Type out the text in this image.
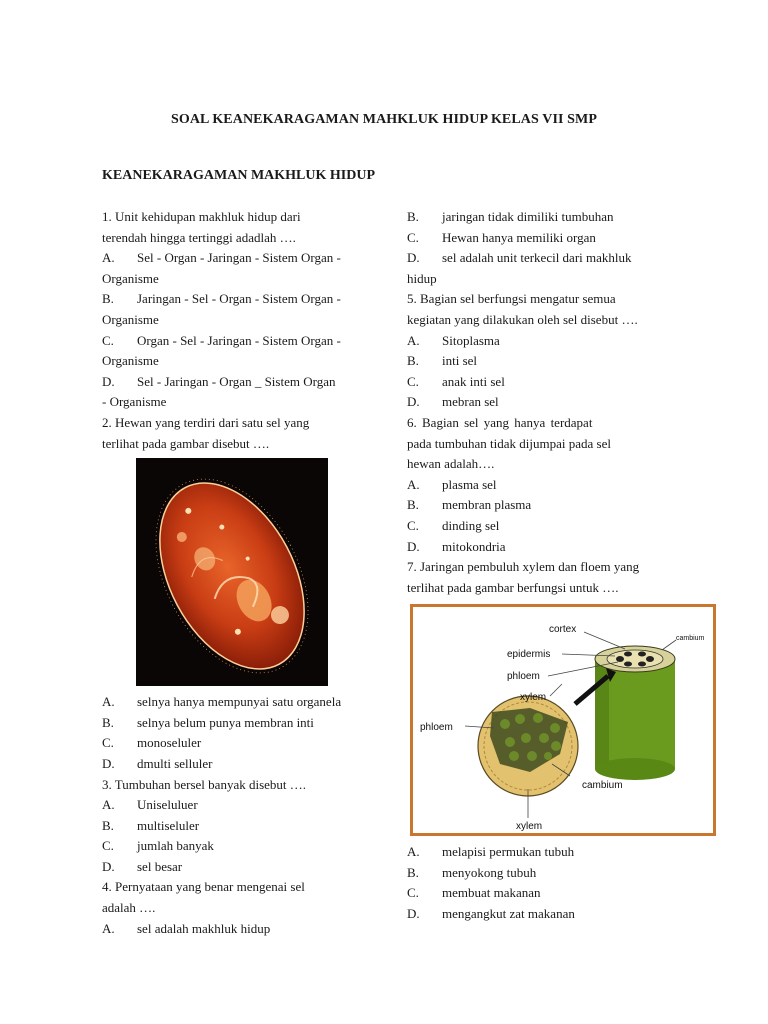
SOAL KEANEKARAGAMAN MAHKLUK HIDUP KELAS VII SMP
KEANEKARAGAMAN MAKHLUK HIDUP
1. Unit kehidupan makhluk hidup dari
terendah hingga tertinggi adadlah ….
A. Sel - Organ - Jaringan - Sistem Organ -
Organisme
B. Jaringan - Sel - Organ - Sistem Organ -
Organisme
C. Organ - Sel - Jaringan - Sistem Organ -
Organisme
D. Sel - Jaringan - Organ _ Sistem Organ
- Organisme
2. Hewan yang terdiri dari satu sel yang
terlihat pada gambar disebut ….
A. selnya hanya mempunyai satu organela
B. selnya belum punya membran inti
C. monoseluler
D. dmulti selluler
3. Tumbuhan bersel banyak disebut ….
A. Uniseluluer
B. multiseluler
C. jumlah banyak
D. sel besar
4. Pernyataan yang benar mengenai sel
adalah ….
A. sel adalah makhluk hidup
B. jaringan tidak dimiliki tumbuhan
C. Hewan hanya memiliki organ
D. sel adalah unit terkecil dari makhluk
hidup
5. Bagian sel berfungsi mengatur semua
kegiatan yang dilakukan oleh sel disebut ….
A. Sitoplasma
B. inti sel
C. anak inti sel
D. mebran sel
6. Bagian sel yang hanya terdapat
pada tumbuhan tidak dijumpai pada sel
hewan adalah….
A. plasma sel
B. membran plasma
C. dinding sel
D. mitokondria
7. Jaringan pembuluh xylem dan floem yang
terlihat pada gambar berfungsi untuk ….
cortex
cambium
epidermis
phloem
xylem
phloem
cambium
xylem
A. melapisi permukan tubuh
B. menyokong tubuh
C. membuat makanan
D. mengangkut zat makanan
